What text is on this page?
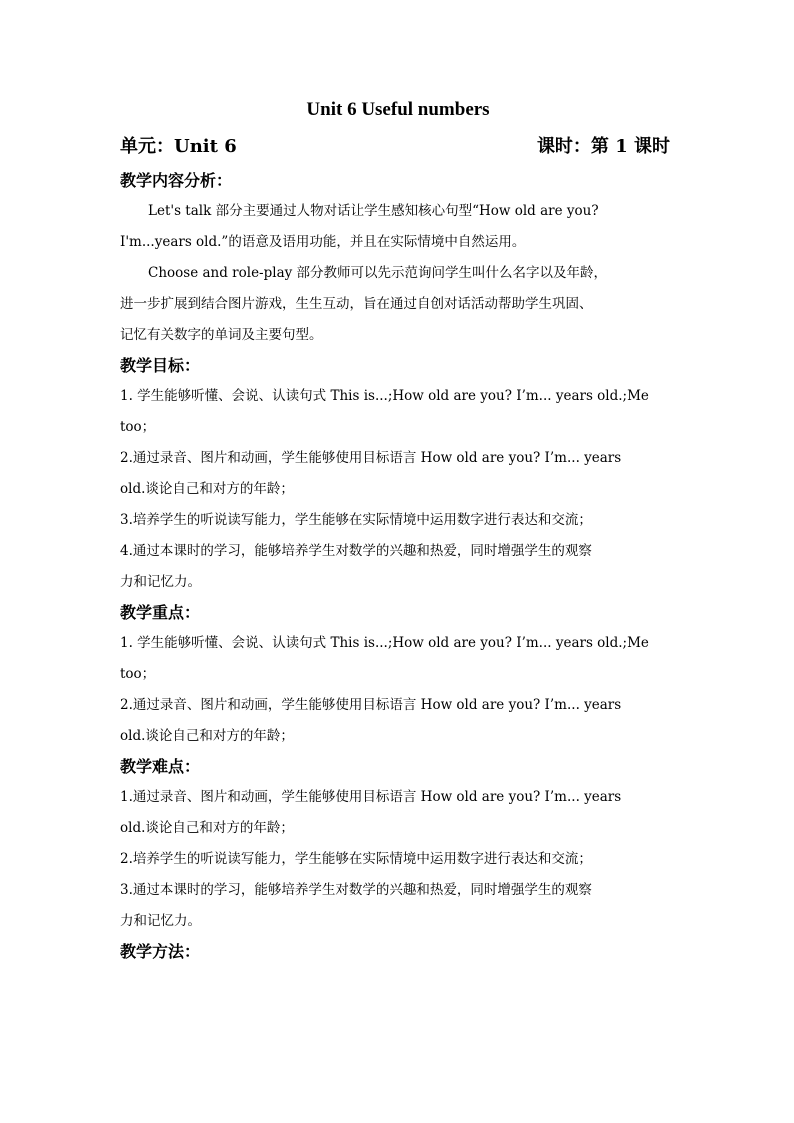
Unit 6 Useful numbers
单元：Unit 6	课时：第 1 课时
教学内容分析：
Let's talk 部分主要通过人物对话让学生感知核心句型“How old are you?
I'm...years old.”的语意及语用功能，并且在实际情境中自然运用。
Choose and role-play 部分教师可以先示范询问学生叫什么名字以及年龄，
进一步扩展到结合图片游戏，生生互动，旨在通过自创对话活动帮助学生巩固、
记忆有关数字的单词及主要句型。
教学目标：
1. 学生能够听懂、会说、认读句式 This is...;How old are you? I’m... years old.;Me
too；
2.通过录音、图片和动画，学生能够使用目标语言 How old are you? I’m... years
old.谈论自己和对方的年龄；
3.培养学生的听说读写能力，学生能够在实际情境中运用数字进行表达和交流；
4.通过本课时的学习，能够培养学生对数学的兴趣和热爱，同时增强学生的观察
力和记忆力。
教学重点：
1. 学生能够听懂、会说、认读句式 This is...;How old are you? I’m... years old.;Me
too；
2.通过录音、图片和动画，学生能够使用目标语言 How old are you? I’m... years
old.谈论自己和对方的年龄；
教学难点：
1.通过录音、图片和动画，学生能够使用目标语言 How old are you? I’m... years
old.谈论自己和对方的年龄；
2.培养学生的听说读写能力，学生能够在实际情境中运用数字进行表达和交流；
3.通过本课时的学习，能够培养学生对数学的兴趣和热爱，同时增强学生的观察
力和记忆力。
教学方法：
